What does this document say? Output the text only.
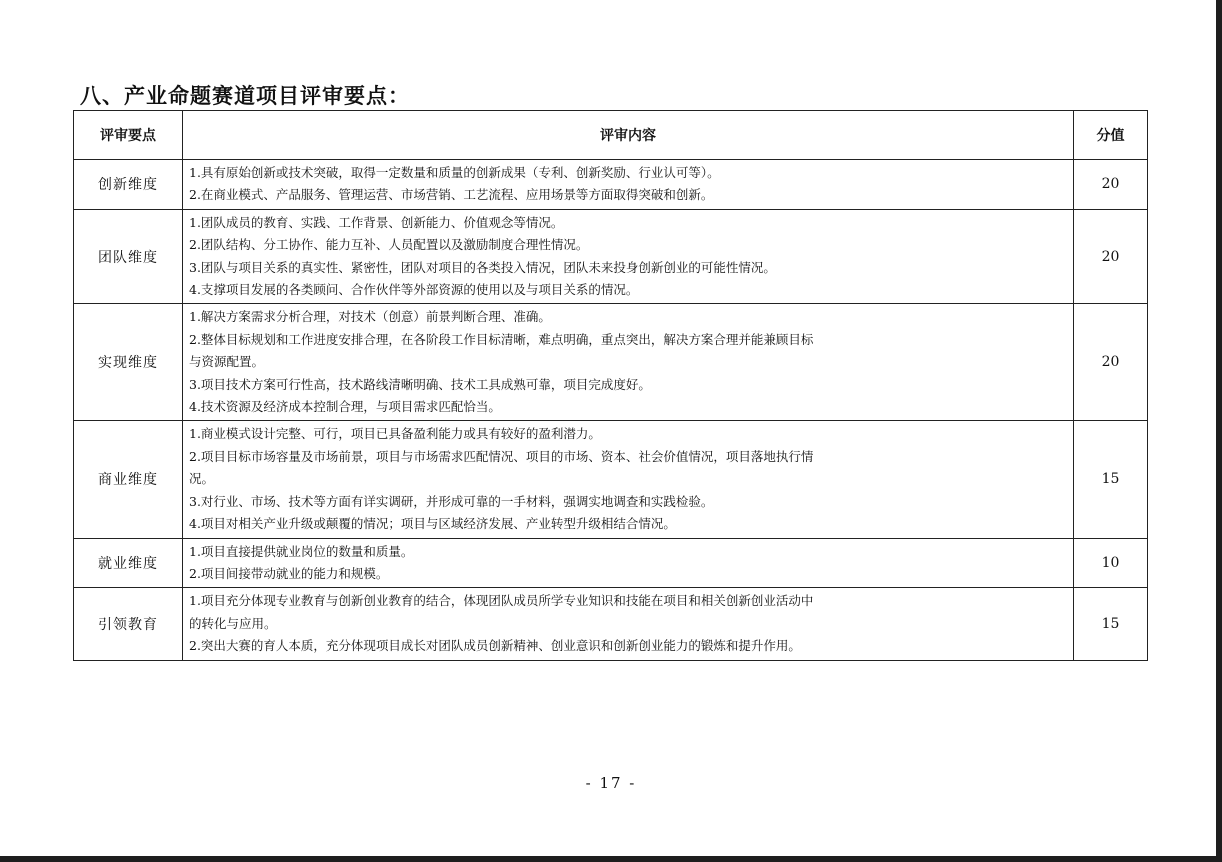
八、产业命题赛道项目评审要点：
评审要点	评审内容	分值
创新维度	1.具有原始创新或技术突破，取得一定数量和质量的创新成果（专利、创新奖励、行业认可等）。
2.在商业模式、产品服务、管理运营、市场营销、工艺流程、应用场景等方面取得突破和创新。	20
团队维度	1.团队成员的教育、实践、工作背景、创新能力、价值观念等情况。
2.团队结构、分工协作、能力互补、人员配置以及激励制度合理性情况。
3.团队与项目关系的真实性、紧密性，团队对项目的各类投入情况，团队未来投身创新创业的可能性情况。
4.支撑项目发展的各类顾问、合作伙伴等外部资源的使用以及与项目关系的情况。	20
实现维度	1.解决方案需求分析合理，对技术（创意）前景判断合理、准确。
2.整体目标规划和工作进度安排合理，在各阶段工作目标清晰，难点明确，重点突出，解决方案合理并能兼顾目标
与资源配置。
3.项目技术方案可行性高，技术路线清晰明确、技术工具成熟可靠，项目完成度好。
4.技术资源及经济成本控制合理，与项目需求匹配恰当。	20
商业维度	1.商业模式设计完整、可行，项目已具备盈利能力或具有较好的盈利潜力。
2.项目目标市场容量及市场前景，项目与市场需求匹配情况、项目的市场、资本、社会价值情况，项目落地执行情
况。
3.对行业、市场、技术等方面有详实调研，并形成可靠的一手材料，强调实地调查和实践检验。
4.项目对相关产业升级或颠覆的情况；项目与区域经济发展、产业转型升级相结合情况。	15
就业维度	1.项目直接提供就业岗位的数量和质量。
2.项目间接带动就业的能力和规模。	10
引领教育	1.项目充分体现专业教育与创新创业教育的结合，体现团队成员所学专业知识和技能在项目和相关创新创业活动中
的转化与应用。
2.突出大赛的育人本质，充分体现项目成长对团队成员创新精神、创业意识和创新创业能力的锻炼和提升作用。	15
- 17 -
